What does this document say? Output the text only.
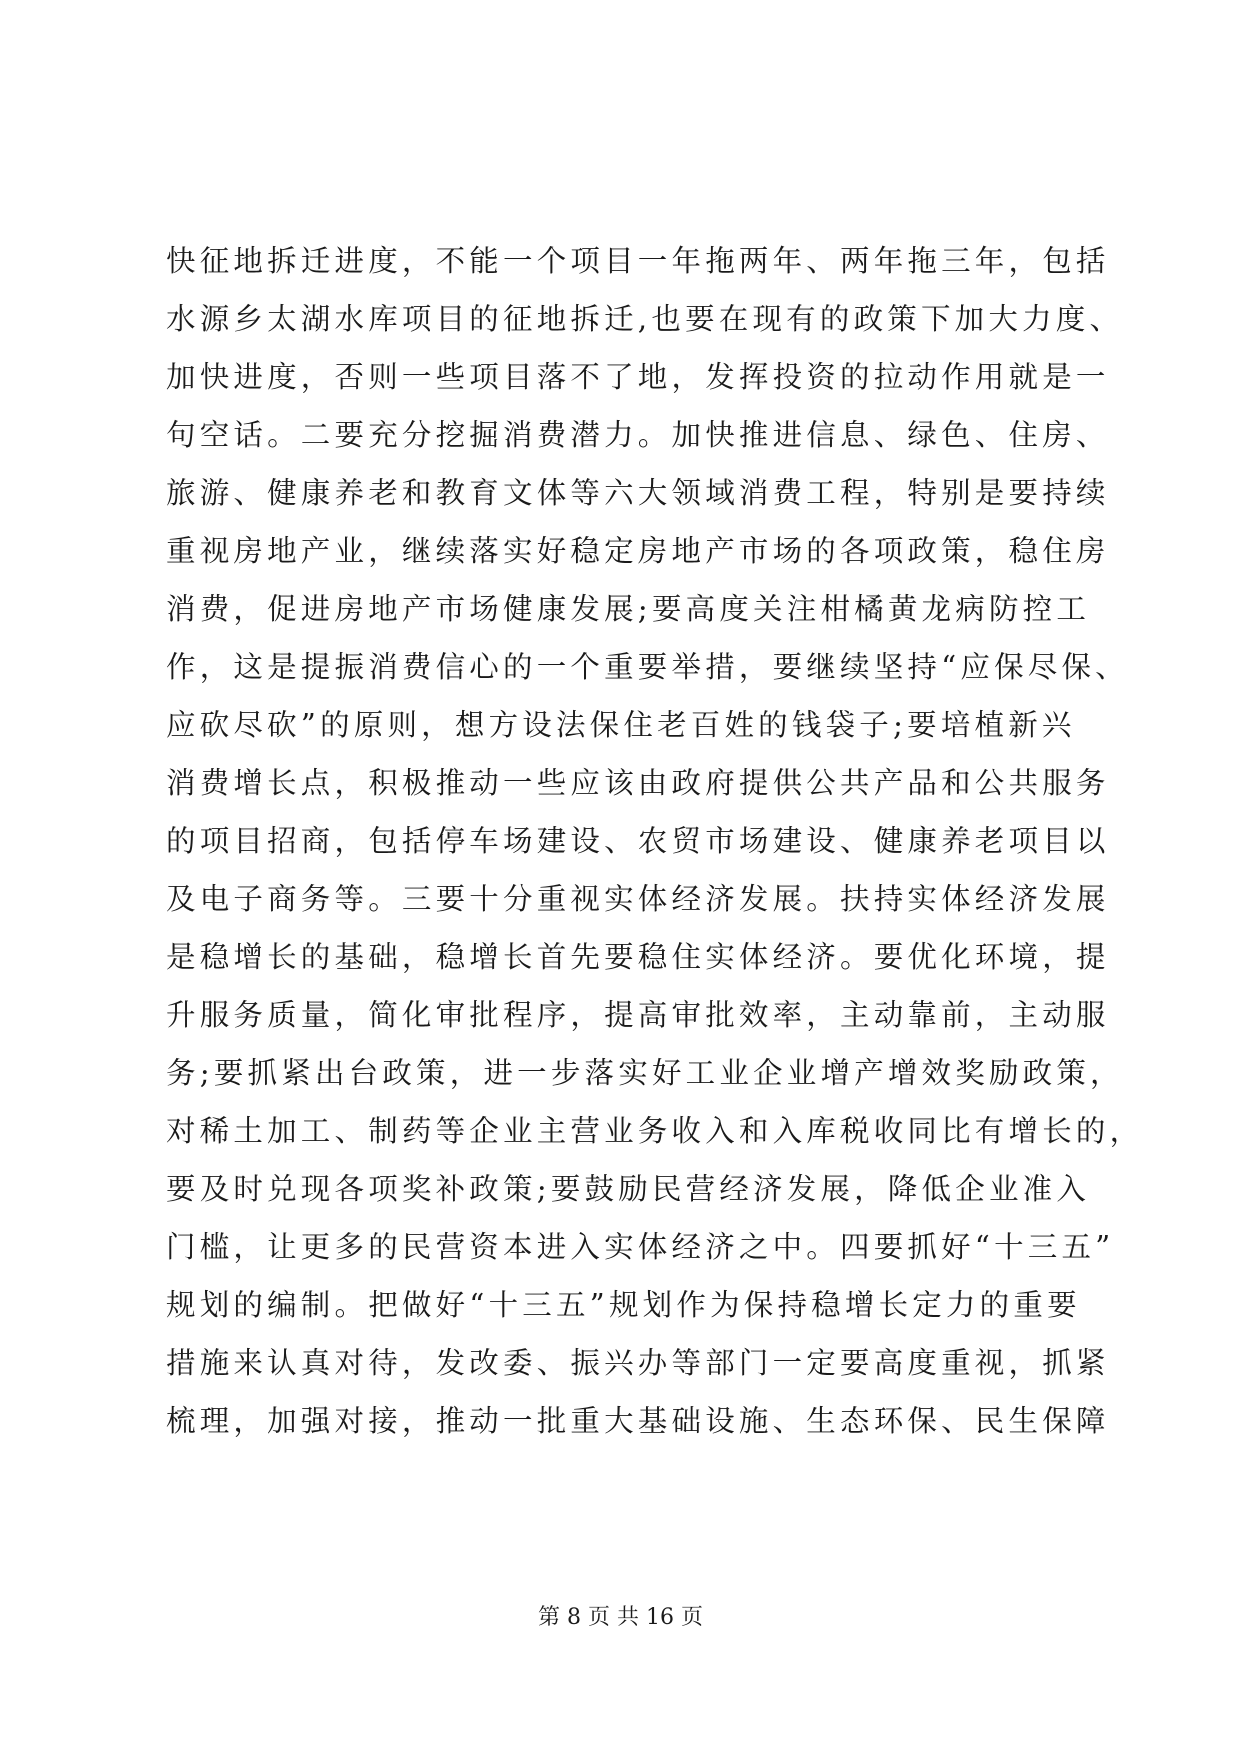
快征地拆迁进度，不能一个项目一年拖两年、两年拖三年，包括
水源乡太湖水库项目的征地拆迁,也要在现有的政策下加大力度、
加快进度，否则一些项目落不了地，发挥投资的拉动作用就是一
句空话。二要充分挖掘消费潜力。加快推进信息、绿色、住房、
旅游、健康养老和教育文体等六大领域消费工程，特别是要持续
重视房地产业，继续落实好稳定房地产市场的各项政策，稳住房
消费，促进房地产市场健康发展;要高度关注柑橘黄龙病防控工
作，这是提振消费信心的一个重要举措，要继续坚持“应保尽保、
应砍尽砍”的原则，想方设法保住老百姓的钱袋子;要培植新兴
消费增长点，积极推动一些应该由政府提供公共产品和公共服务
的项目招商，包括停车场建设、农贸市场建设、健康养老项目以
及电子商务等。三要十分重视实体经济发展。扶持实体经济发展
是稳增长的基础，稳增长首先要稳住实体经济。要优化环境，提
升服务质量，简化审批程序，提高审批效率，主动靠前，主动服
务;要抓紧出台政策，进一步落实好工业企业增产增效奖励政策，
对稀土加工、制药等企业主营业务收入和入库税收同比有增长的，
要及时兑现各项奖补政策;要鼓励民营经济发展，降低企业准入
门槛，让更多的民营资本进入实体经济之中。四要抓好“十三五”
规划的编制。把做好“十三五”规划作为保持稳增长定力的重要
措施来认真对待，发改委、振兴办等部门一定要高度重视，抓紧
梳理，加强对接，推动一批重大基础设施、生态环保、民生保障
第 8 页 共 16 页
